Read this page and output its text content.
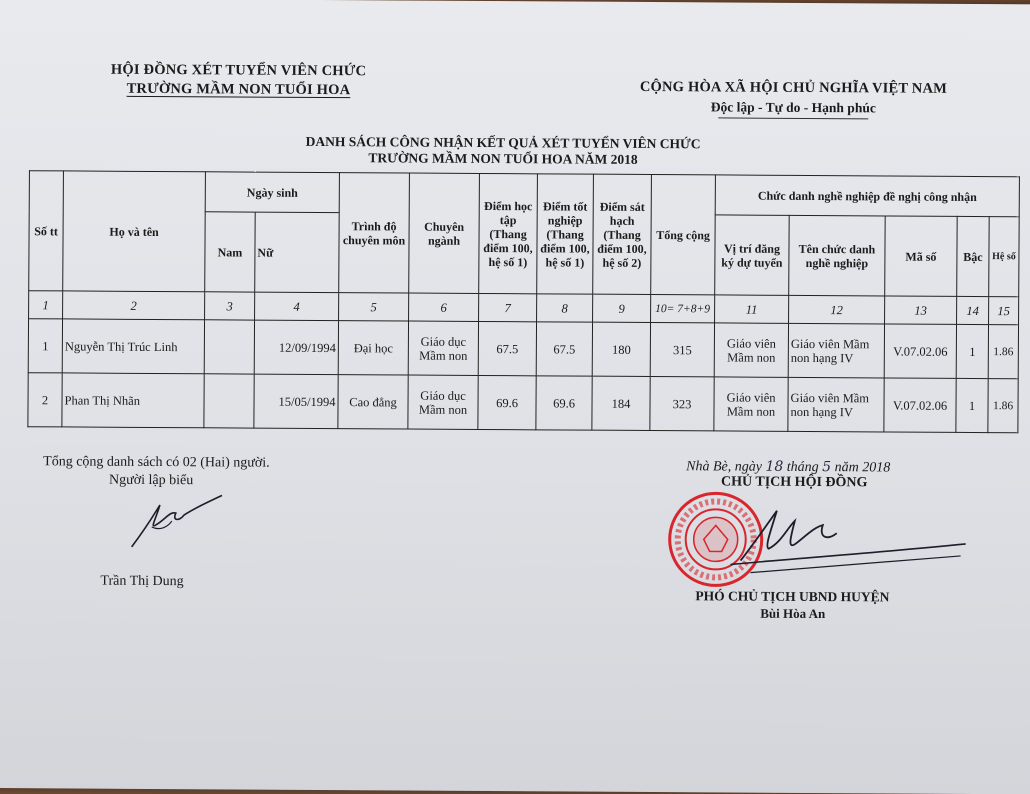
HỘI ĐỒNG XÉT TUYỂN VIÊN CHỨC
TRƯỜNG MẦM NON TUỔI HOA	CỘNG HÒA XÃ HỘI CHỦ NGHĨA VIỆT NAM
Độc lập - Tự do - Hạnh phúc
DANH SÁCH CÔNG NHẬN KẾT QUẢ XÉT TUYỂN VIÊN CHỨC
TRƯỜNG MẦM NON TUỔI HOA NĂM 2018
Số tt	Họ và tên	Ngày sinh		Trình độ chuyên môn	Chuyên ngành	Điểm học tập (Thang điểm 100, hệ số 1)	Điểm tốt nghiệp (Thang điểm 100, hệ số 1)	Điểm sát hạch (Thang điểm 100, hệ số 2)	Tổng cộng	Chức danh nghề nghiệp đề nghị công nhận				
		Nam	Nữ							Vị trí đăng ký dự tuyển	Tên chức danh nghề nghiệp	Mã số	Bậc	Hệ số
1	2	3	4	5	6	7	8	9	10= 7+8+9	11	12	13	14	15
1	Nguyễn Thị Trúc Linh		12/09/1994	Đại học	Giáo dục Mầm non	67.5	67.5	180	315	Giáo viên Mầm non	Giáo viên Mầm non hạng IV	V.07.02.06	1	1.86
2	Phan Thị Nhãn		15/05/1994	Cao đẳng	Giáo dục Mầm non	69.6	69.6	184	323	Giáo viên Mầm non	Giáo viên Mầm non hạng IV	V.07.02.06	1	1.86
Tổng cộng danh sách có 02 (Hai) người.
Người lập biểu
Trần Thị Dung
Nhà Bè, ngày 18 tháng 5 năm 2018
CHỦ TỊCH HỘI ĐỒNG
PHÓ CHỦ TỊCH UBND HUYỆN
Bùi Hòa An
